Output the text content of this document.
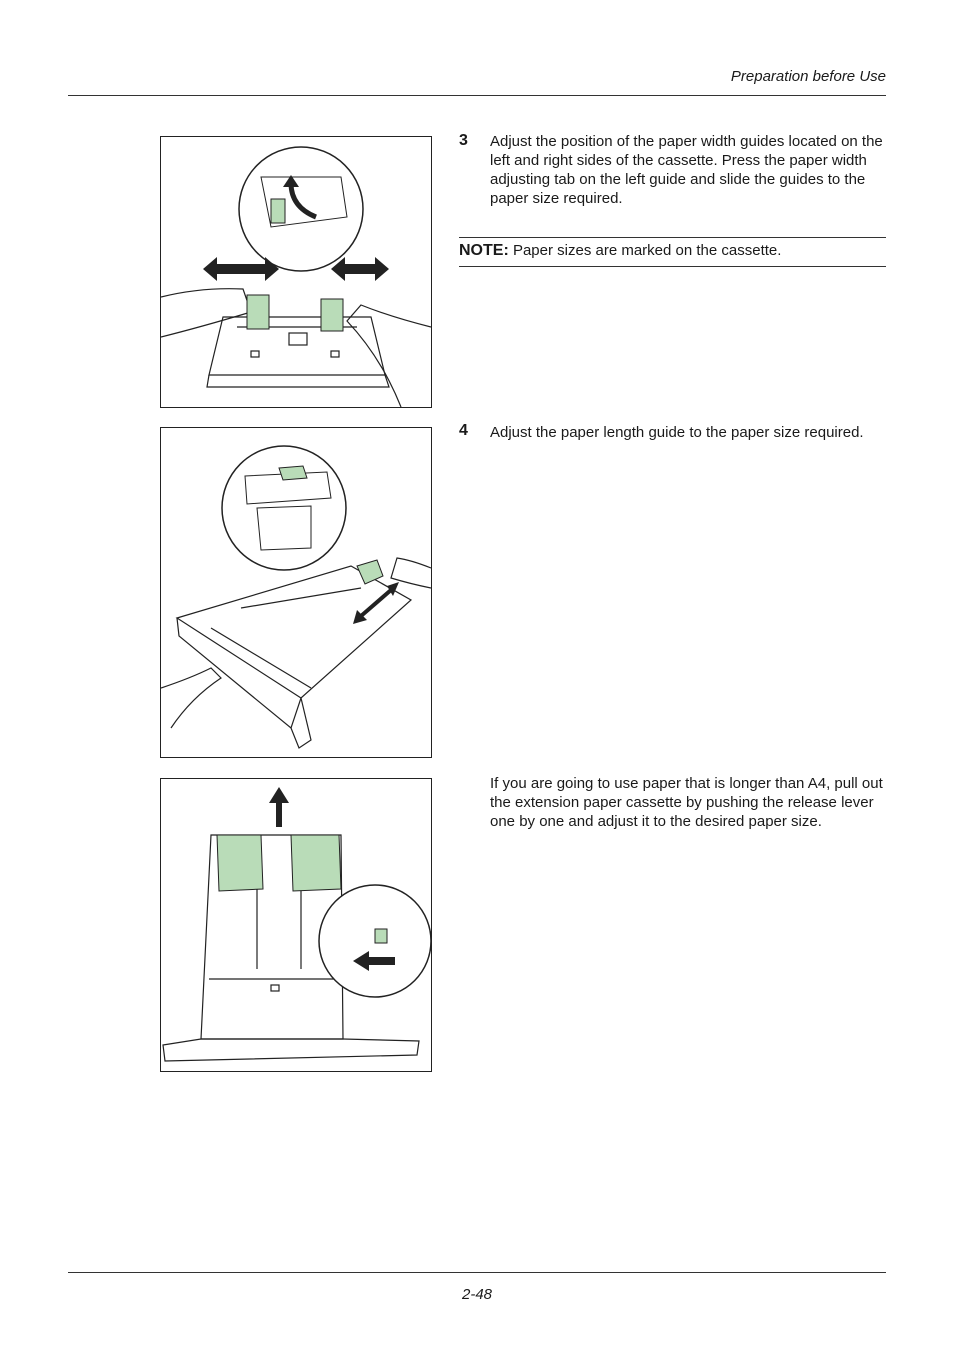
Preparation before Use
3 Adjust the position of the paper width guides located on the left and right sides of the cassette. Press the paper width adjusting tab on the left guide and slide the guides to the paper size required.
NOTE: Paper sizes are marked on the cassette.
4 Adjust the paper length guide to the paper size required.
If you are going to use paper that is longer than A4, pull out the extension paper cassette by pushing the release lever one by one and adjust it to the desired paper size.
2-48
